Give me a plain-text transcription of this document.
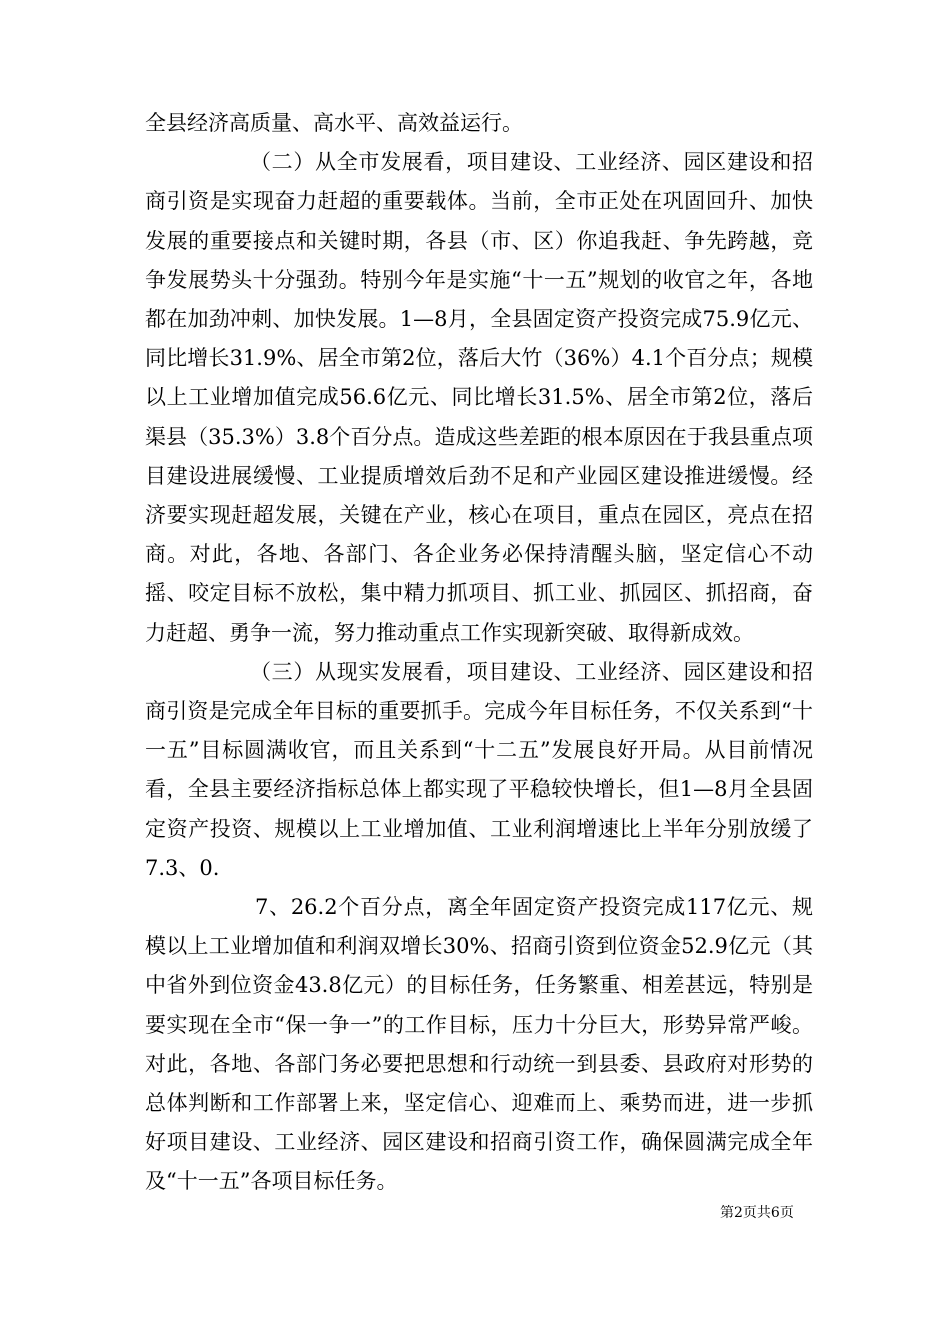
全县经济高质量、高水平、高效益运行。

（二）从全市发展看，项目建设、工业经济、园区建设和招商引资是实现奋力赶超的重要载体。当前，全市正处在巩固回升、加快发展的重要接点和关键时期，各县（市、区）你追我赶、争先跨越，竞争发展势头十分强劲。特别今年是实施“十一五”规划的收官之年，各地都在加劲冲刺、加快发展。1—8月，全县固定资产投资完成75.9亿元、同比增长31.9%、居全市第2位，落后大竹（36%）4.1个百分点；规模以上工业增加值完成56.6亿元、同比增长31.5%、居全市第2位，落后渠县（35.3%）3.8个百分点。造成这些差距的根本原因在于我县重点项目建设进展缓慢、工业提质增效后劲不足和产业园区建设推进缓慢。经济要实现赶超发展，关键在产业，核心在项目，重点在园区，亮点在招商。对此，各地、各部门、各企业务必保持清醒头脑，坚定信心不动摇、咬定目标不放松，集中精力抓项目、抓工业、抓园区、抓招商，奋力赶超、勇争一流，努力推动重点工作实现新突破、取得新成效。

（三）从现实发展看，项目建设、工业经济、园区建设和招商引资是完成全年目标的重要抓手。完成今年目标任务，不仅关系到“十一五”目标圆满收官，而且关系到“十二五”发展良好开局。从目前情况看，全县主要经济指标总体上都实现了平稳较快增长，但1—8月全县固定资产投资、规模以上工业增加值、工业利润增速比上半年分别放缓了7.3、0.

7、26.2个百分点，离全年固定资产投资完成117亿元、规模以上工业增加值和利润双增长30%、招商引资到位资金52.9亿元（其中省外到位资金43.8亿元）的目标任务，任务繁重、相差甚远，特别是要实现在全市“保一争一”的工作目标，压力十分巨大，形势异常严峻。对此，各地、各部门务必要把思想和行动统一到县委、县政府对形势的总体判断和工作部署上来，坚定信心、迎难而上、乘势而进，进一步抓好项目建设、工业经济、园区建设和招商引资工作，确保圆满完成全年及“十一五”各项目标任务。

第2页共6页
